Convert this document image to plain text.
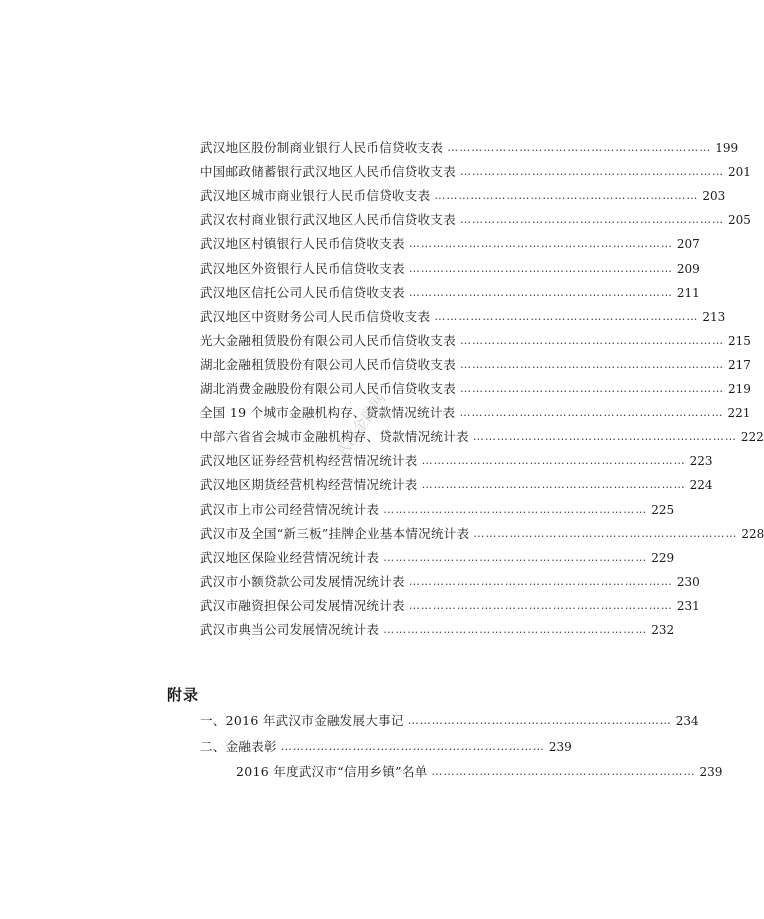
武汉地区股份制商业银行人民币信贷收支表 ………………………………………………………… 199
中国邮政储蓄银行武汉地区人民币信贷收支表 ………………………………………………………… 201
武汉地区城市商业银行人民币信贷收支表 ………………………………………………………… 203
武汉农村商业银行武汉地区人民币信贷收支表 ………………………………………………………… 205
武汉地区村镇银行人民币信贷收支表 ………………………………………………………… 207
武汉地区外资银行人民币信贷收支表 ………………………………………………………… 209
武汉地区信托公司人民币信贷收支表 ………………………………………………………… 211
武汉地区中资财务公司人民币信贷收支表 ………………………………………………………… 213
光大金融租赁股份有限公司人民币信贷收支表 ………………………………………………………… 215
湖北金融租赁股份有限公司人民币信贷收支表 ………………………………………………………… 217
湖北消费金融股份有限公司人民币信贷收支表 ………………………………………………………… 219
全国 19 个城市金融机构存、贷款情况统计表 ………………………………………………………… 221
中部六省省会城市金融机构存、贷款情况统计表 ………………………………………………………… 222
武汉地区证券经营机构经营情况统计表 ………………………………………………………… 223
武汉地区期货经营机构经营情况统计表 ………………………………………………………… 224
武汉市上市公司经营情况统计表 ………………………………………………………… 225
武汉市及全国“新三板”挂牌企业基本情况统计表 ………………………………………………………… 228
武汉地区保险业经营情况统计表 ………………………………………………………… 229
武汉市小额贷款公司发展情况统计表 ………………………………………………………… 230
武汉市融资担保公司发展情况统计表 ………………………………………………………… 231
武汉市典当公司发展情况统计表 ………………………………………………………… 232
一、2016 年武汉市金融发展大事记 ………………………………………………………… 234
二、金融表彰 ………………………………………………………… 239
2016 年度武汉市“信用乡镇”名单 ………………………………………………………… 239
附录
武汉金融网
